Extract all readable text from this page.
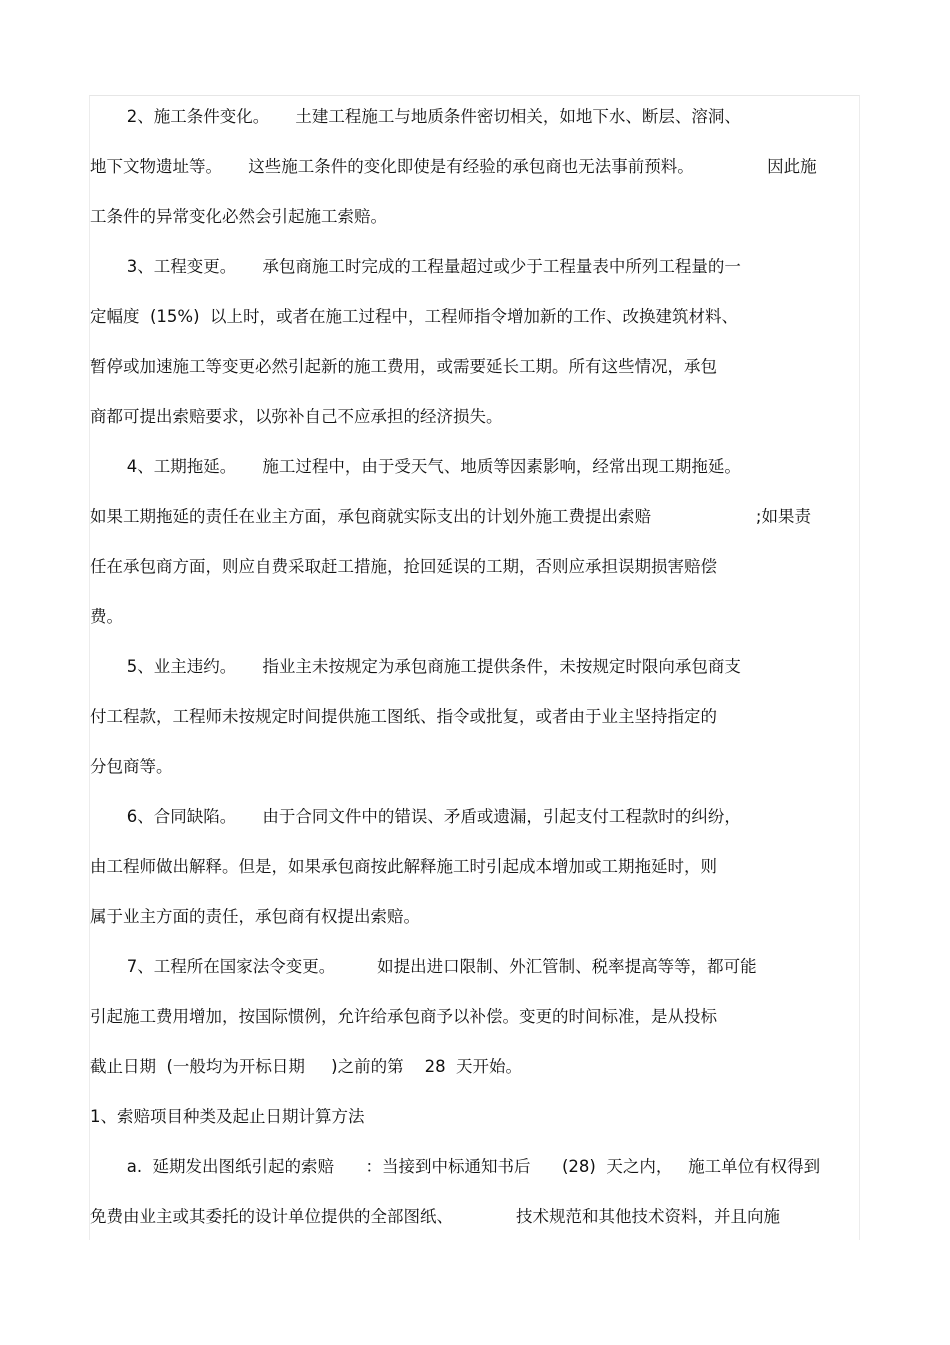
2、施工条件变化。     土建工程施工与地质条件密切相关，如地下水、断层、溶洞、
地下文物遗址等。     这些施工条件的变化即使是有经验的承包商也无法事前预料。              因此施
工条件的异常变化必然会引起施工索赔。
3、工程变更。     承包商施工时完成的工程量超过或少于工程量表中所列工程量的一
定幅度  (15%)  以上时，或者在施工过程中，工程师指令增加新的工作、改换建筑材料、
暂停或加速施工等变更必然引起新的施工费用，或需要延长工期。所有这些情况，承包
商都可提出索赔要求，以弥补自己不应承担的经济损失。
4、工期拖延。     施工过程中，由于受天气、地质等因素影响，经常出现工期拖延。
如果工期拖延的责任在业主方面，承包商就实际支出的计划外施工费提出索赔                    ;如果责
任在承包商方面，则应自费采取赶工措施，抢回延误的工期，否则应承担误期损害赔偿
费。
5、业主违约。     指业主未按规定为承包商施工提供条件，未按规定时限向承包商支
付工程款，工程师未按规定时间提供施工图纸、指令或批复，或者由于业主坚持指定的
分包商等。
6、合同缺陷。     由于合同文件中的错误、矛盾或遗漏，引起支付工程款时的纠纷，
由工程师做出解释。但是，如果承包商按此解释施工时引起成本增加或工期拖延时，则
属于业主方面的责任，承包商有权提出索赔。
7、工程所在国家法令变更。        如提出进口限制、外汇管制、税率提高等等，都可能
引起施工费用增加，按国际惯例，允许给承包商予以补偿。变更的时间标准，是从投标
截止日期  (一般均为开标日期     )之前的第    28  天开始。
1、索赔项目种类及起止日期计算方法
a.  延期发出图纸引起的索赔      ：当接到中标通知书后      (28)  天之内，   施工单位有权得到
免费由业主或其委托的设计单位提供的全部图纸、            技术规范和其他技术资料，并且向施
